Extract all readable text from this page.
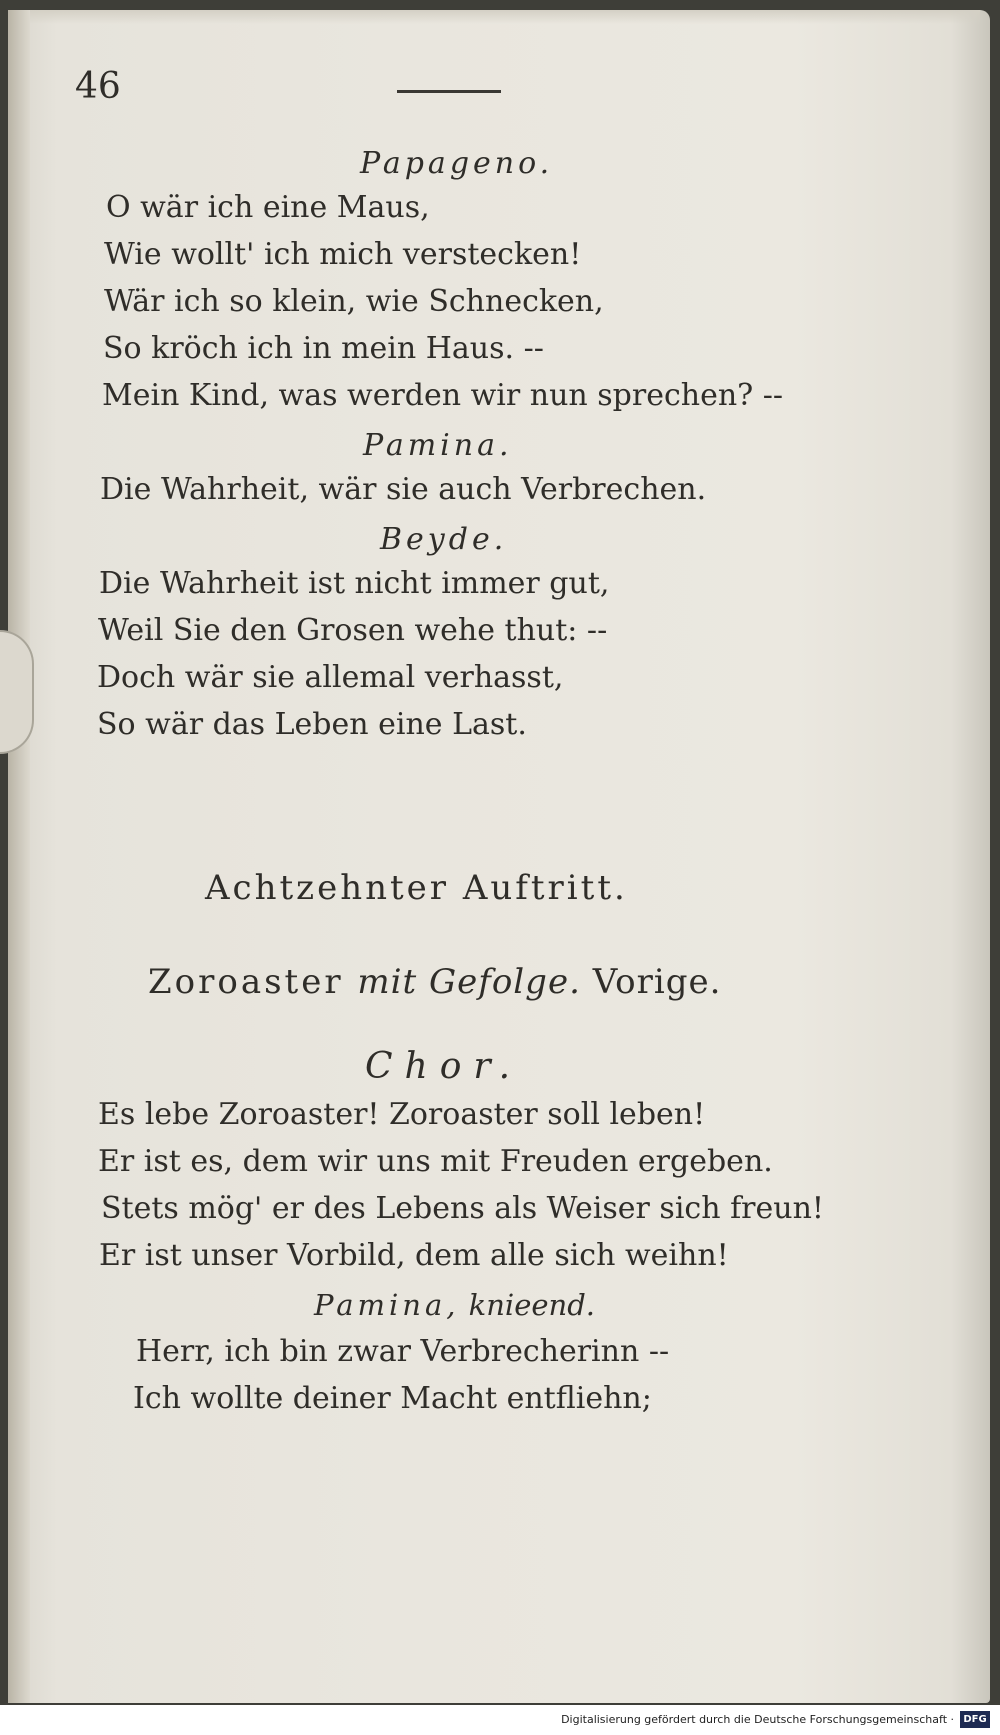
46
Papageno.
O wär ich eine Maus,
Wie wollt' ich mich verstecken!
Wär ich so klein, wie Schnecken,
So kröch ich in mein Haus. --
Mein Kind, was werden wir nun sprechen? --
Pamina.
Die Wahrheit, wär sie auch Verbrechen.
Beyde.
Die Wahrheit ist nicht immer gut,
Weil Sie den Grosen wehe thut: --
Doch wär sie allemal verhasst,
So wär das Leben eine Last.
Achtzehnter Auftritt.
Zoroaster mit Gefolge. Vorige.
Chor.
Es lebe Zoroaster! Zoroaster soll leben!
Er ist es, dem wir uns mit Freuden ergeben.
Stets mög' er des Lebens als Weiser sich freun!
Er ist unser Vorbild, dem alle sich weihn!
Pamina, knieend.
Herr, ich bin zwar Verbrecherinn --
Ich wollte deiner Macht entfliehn;
Digitalisierung gefördert durch die Deutsche Forschungsgemeinschaft · DFG
